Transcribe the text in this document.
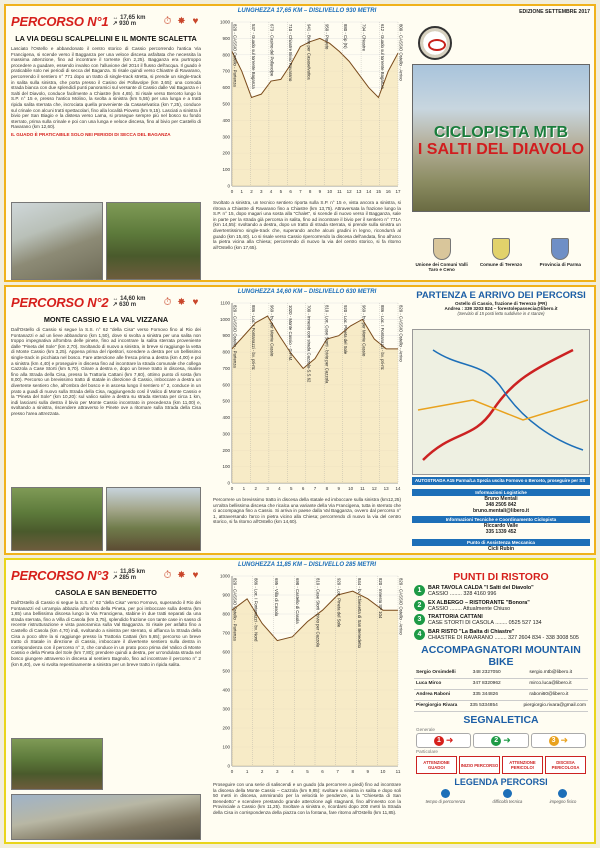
PERCORSO N°1 ↔ 17,65 km
↗ 930 m	⏱ ✸ ♥
LA VIA DEGLI SCALPELLINI E IL MONTE SCALETTA

Lasciato l'Ostello e abbandonato il centro storico di Cassio percorrendo l'antica Via Francigena, si scende verso il Bagganza per una veloce discesa asfaltata che necessita la massima attenzione, fino ad incontrare il torrente (km 2,25). Bagganza era purtroppo procedere a guadare, essendo invalso con l'alluvione del 2014 il flusso dell'acqua. Il guado è praticabile solo nei periodi di secca del Baganza. Si risale quindi verso Chiastre di Ravarano, percorrendo il sentiero n° 771 dopo un tratto di single-track stretta, si prende un single-track in salita sulla sinistra, che porta presso il Casino dei Pollavolpe (km 3,65): una comoda strada bianca con due splendidi punti panoramici sul versante di Cassio dalle Val Baganza e i Salti del Diavolo, conduce facilmente a Chiastre (km 4,65). Si risale verso Berceto lungo la S.P. n° 15 e, presso l'antico Molino, la svolta a sinistra (km 5,55) per una lunga e a tratti ripida salita sterrata che, incrociata quella proveniente da Casaselvatica (km 7,25), conduce sul crinale con alcuni tratti spettacolari, fino alla località Pioveto (km 9,15). Lasciati a sinistra il bivio per San Biagio e la distesa verso Lama, si prosegue sempre più nel bosco su fondo sterrato, prima sulla crinale e poi con una lunga e veloce discesa, fino al bivio per Castello di Ravarano (km 12,60).

IL GUADO È PRATICABILE SOLO NEI PERIODI DI SECCA DEL BAGANZA

LUNGHEZZA 17,65 KM – DISLIVELLO 930 METRI
0
100
200
300
400
500
600
700
800
900
1000
0 1 2 3 4 5 6 7 8 9 10 11 12 13 14 15 16 17
820 - CASSIO Ostello - Partenza	537 - Guado sul torrente Baganza	673 - Casino del Pollavolpe	710 - Chiastre Bivio Ravarano	941 - Bivio per Casaselvatica	950 - Pioveto	880 - Cip (N)	794 - Chiastre	612 - Guado sul torrente Baganza	800 - CASSIO Ostello - Arrivo
Svoltato a sinistra, un tecnico sentiero riporta sulla S.P. n° 15 e, vista ancora a sinistra, si ritrova a Chiastre di Ravarano fino a Chiastre (km 13,75). Attraversata la frazione lungo la S.P. n° 15, dopo magari una sosta alla "Chalet", si scende di nuovo verso il Bagganza, sale in parte per la strada già percorsa in salita, fino ad incontrare il bivio per il sentiero n° 771A (km 14,55): svoltando a destra, dopo un tratto di strada sterrata, si prende sulla sinistra un divertentissimo single-track che, superando anche alcuni gradini in legno, ricondurrà al guado (km 15,40). Lo si risale verso Cassio ripercorrendo la discesa dell'andata, fino all'arco la pietra vicina alla Chiesa; percorrendo di nuovo la via del centro storico, si fa ritorno all'Ostello (km 17,65).
EDIZIONE SETTEMBRE 2017
CICLOPISTA MTB
I SALTI DEL DIAVOLO
Unione dei Comuni Valli Taro e Ceno
Comune di Terenzo	Provincia di Parma
PERCORSO N°2 ↔ 14,60 km
↗ 630 m	⏱ ✸ ♥
MONTE CASSIO E LA VAL VIZZANA

Dall'Ostello di Cassio si segue la S.S. n° 62 "della Cisa" verso Fornovo fino al Rio dei Fontanazzi e ad un lieve abbandono (km 1,50), dove si svolta a sinistra per una salita non troppo impegnativa all'ombra delle pinete, fino ad incontrare la salita sterrata proveniente dalle "Pineta del Sole" (km 2,70). Svoltando di nuovo a sinistra, in breve si raggiunge la vetta di Monte Cassio (km 3,25). Appena prima del ripetitori, scendere a destra per un bellissimo single-track in picchiata nel bosco. Fare attenzione alle fresca prima a destra (km 4,00) e poi a sinistra (km 4,40) e proseguire in discesa fino ad incontrare la strada comunale che collega Cazzola a Case Storti (km 5,70). Girare a destra e, dopo un breve tratto in discesa, risalire fino alla Strada della Cisa, presso la Trattoria Cattani (km 7,60), ottimo punto di sosta (km 8,00). Percorso un brevissimo tratto di statale in direzione di Cassio, imboccare a destra un divertente sentiero che, all'ombra del bosco e in ascesa lungo il sentiero n° 2, conduce in un prato a guadi di nuovo sulla Strada della Cisa, raggiungendo così il Valico di Monte Cassio e la "Pineta del Sole" (km 10,20): sul valico salire a destra su strada sterrata per circa 1 km, indi lasciarsi sulla destra il bivio per Monte Cassio incontrato in precedenza (km 11,00) e, svoltando a sinistra, riscendere attraverso le Pinete ove a ritornare sulla Strada della Cisa presso l'area attrezzata.

LUNGHEZZA 14,60 KM – DISLIVELLO 630 METRI
0
100
200
300
400
500
600
700
800
900
1000
1100
0 1 2 3 4 5 6 7 8 9 10 11 12 13 14
820 - CASSIO Ostello - Partenza	886 - Loc. I Fontanazzi - bv. pti-rtc	969 - bv. per Monte Cassio	1020 - Monte Cassio - G.P.M.	700 - Innesto con strada Cazzola-S.S.62	810 - Loc. Case Storti - bivio per Cazzola	920 - Loc. Pineta del Sole	969 - bv. per Monte Cassio	886 - Loc. I Fontanazzi - bv. pti-rtc	820 - CASSIO Ostello - Arrivo
Percorrere un brevissimo tratto in discesa della statale ed imboccare sulla sinistra (km12,25) un'altra bellissima discesa che ricalca una variante della Via Francigena, tutta in sterrato che ci accompagna fino a Cassio. Si arriva in paese dalla Val Bagganza, ovvero dal percorso n° 1, attraversando l'arco in pietra vicino alla Chiesa; percorrendo di nuovo la via del centro storico, si fa ritorno all'Ostello (km 14,60).
PARTENZA E ARRIVO DEI PERCORSI
Ostello di Cassio, frazione di Terenzo (PR)
Andrea : 339 3203 824 – forestolepassecia@libero.it
(Servizio di 15 posti letto suddivise in 4 stanze)
AUTOSTRADA A15 Parma/La Spezia uscita Fornovo o Berceto, proseguire per SS
Informazioni Logistiche
Bruno Mentali
348 2505 842
bruno.mentali@libero.it
Informazioni Tecniche e Coordinamento Ciclopista
Riccardo Valle
335 1339 452
Punto di Assistenza Meccanica
Cicli Rubin
PERCORSO N°3 ↔ 11,85 km
↗ 285 m	⏱ ✸ ♥
CASOLA E SAN BENEDETTO

Dall'Ostello di Cassio si segue la S.S. n° 62 "della Cisa" verso Fornovo, superando il Rio dei Fontanazzi ed un'ampia abbazia all'ombra della Pineta, per poi imboccare sulla destra (km 1,65) una bellissima discesa lungo la Via Francigena, stabine in due tratti separati da una strada sterrata, fino a Villa di Casola (km 3,75), splendido frazione con tante case in sasso di recente ristrutturazione e vista panoramica sulla Val Bagganza. Si risale per asfalto fino a Castello di Casola (km 4,70) indi, svoltando a sinistra per sterrato, si affianca la Strada della Cisa a poco oltre la si raggiunge presso la Trattoria Cattani (km 5,65); percorso un breve tratto di Statale in direzione di Cassio, imboccare il divertente sentiero sulla destra in corrispondenza con il percorso n° 2, che conduce in un prato poco prima del Valico di Monte Cassio e della Pineta del Sole (km 7,80); prendere quindi a destra, per un'ondulata strada nel bosco giungere attraverso in discesa al sentiero Bagnolo, fino ad incontrare il percorso n° 2 (km 8,40), ove si svolta repentinamente a sinistra per un breve tratto in ripida salita.

LUNGHEZZA 11,85 KM – DISLIVELLO 285 METRI
0
100
200
300
400
500
600
700
800
900
1000
0	1	2	3	4	5	6	7	8	9	10 11
820 - CASSIO Ostello - Partenza	886 - Loc. I Fontanazzi - bv. Nord	695 - Villa di Casola	698 - Castello di Casola	810 - Case Storti - bivio per Cazzola	920 - Loc. Pineta del Sole	844 - bv. Chiesetta di San Benedetto	820 - Innesto SP 104	820 - CASSIO Ostello - Arrivo
Proseguire con una serie di saliscendi e un guado (da percorrere a piedi) fino ad incontrare la discesa della Monte Cassio – Cazzola (km 9,85): svoltare a sinistra in salita e dopo soli 50 metri in discesa, ammirando per la velocità le pendenze, a la "Chiesetta di San Benedetto" e scendere prestando grande attenzione agli stagnanti, fino all'innesto con la Provinciale a Cassio (km 11,25). Svoltare a sinistra e, ricordarsi dopo 200 metri la Strada della Cisa in corrispondenza della piazza con la fontana, fare ritorno all'Ostello (km 11,85).
PUNTI DI RISTORO
1	BAR TAVOLA CALDA "I Salti del Diavolo"
CASSIO ........ 328 4160 996
2	EX ALBERGO – RISTORANTE "Bonora"
CASSIO ........ Attualmente Chiuso
3	TRATTORIA CATTANI
CASE STORTI DI CASOLA ........ 0525 527 134
4	BAR RISTO "La Balta di Chiastre"
CHIASTRE DI RAVARANO ........ 327 2604 834 - 338 3008 505
ACCOMPAGNATORI MOUNTAIN BIKE
Sergio Orsimdelli	348 2327050	sergio.mtb@libero.it
Luca Mirco	347 8320962	mirco.luca@libero.it
Andrea Raboni	335 344826	raboni60@libero.it
Piergiorgio Rivara	335 5334854	piergiorgio.rivara@gmail.com
SEGNALETICA
Generale
1 ➜	2 ➜	3 ➜
Particolare
ATTENZIONE GUADO!	INIZIO PERCORSO	ATTENZIONE PERICOLO!
DISCESA PERICOLOSA
LEGENDA PERCORSI
tempo di percorrenza	difficoltà tecnica	impegno fisico
